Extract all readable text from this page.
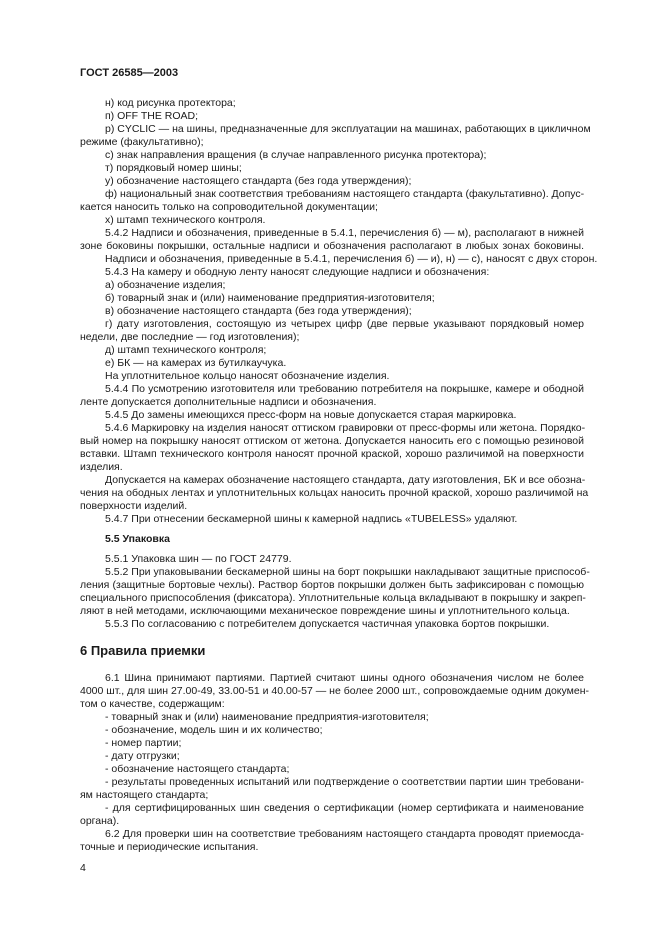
ГОСТ 26585—2003
н) код рисунка протектора;
п) OFF THE ROAD;
р) CYCLIC — на шины, предназначенные для эксплуатации на машинах, работающих в цикличном
режиме (факультативно);
с) знак направления вращения (в случае направленного рисунка протектора);
т) порядковый номер шины;
у) обозначение настоящего стандарта (без года утверждения);
ф) национальный знак соответствия требованиям настоящего стандарта (факультативно). Допус-
кается наносить только на сопроводительной документации;
х) штамп технического контроля.
5.4.2 Надписи и обозначения, приведенные в 5.4.1, перечисления б) — м), располагают в нижней
зоне боковины покрышки, остальные надписи и обозначения располагают в любых зонах боковины.
Надписи и обозначения, приведенные в 5.4.1, перечисления б) — и), н) — с), наносят с двух сторон.
5.4.3 На камеру и ободную ленту наносят следующие надписи и обозначения:
а) обозначение изделия;
б) товарный знак и (или) наименование предприятия-изготовителя;
в) обозначение настоящего стандарта (без года утверждения);
г) дату изготовления, состоящую из четырех цифр (две первые указывают порядковый номер
недели, две последние — год изготовления);
д) штамп технического контроля;
е) БК — на камерах из бутилкаучука.
На уплотнительное кольцо наносят обозначение изделия.
5.4.4 По усмотрению изготовителя или требованию потребителя на покрышке, камере и ободной
ленте допускается дополнительные надписи и обозначения.
5.4.5 До замены имеющихся пресс-форм на новые допускается старая маркировка.
5.4.6 Маркировку на изделия наносят оттиском гравировки от пресс-формы или жетона. Порядко-
вый номер на покрышку наносят оттиском от жетона. Допускается наносить его с помощью резиновой
вставки. Штамп технического контроля наносят прочной краской, хорошо различимой на поверхности
изделия.
Допускается на камерах обозначение настоящего стандарта, дату изготовления, БК и все обозна-
чения на ободных лентах и уплотнительных кольцах наносить прочной краской, хорошо различимой на
поверхности изделий.
5.4.7 При отнесении бескамерной шины к камерной надпись «TUBELESS» удаляют.
5.5 Упаковка
5.5.1 Упаковка шин — по ГОСТ 24779.
5.5.2 При упаковывании бескамерной шины на борт покрышки накладывают защитные приспособ-
ления (защитные бортовые чехлы). Раствор бортов покрышки должен быть зафиксирован с помощью
специального приспособления (фиксатора). Уплотнительные кольца вкладывают в покрышку и закреп-
ляют в ней методами, исключающими механическое повреждение шины и уплотнительного кольца.
5.5.3 По согласованию с потребителем допускается частичная упаковка бортов покрышки.
6 Правила приемки
6.1 Шина принимают партиями. Партией считают шины одного обозначения числом не более
4000 шт., для шин 27.00-49, 33.00-51 и 40.00-57 — не более 2000 шт., сопровождаемые одним докумен-
том о качестве, содержащим:
- товарный знак и (или) наименование предприятия-изготовителя;
- обозначение, модель шин и их количество;
- номер партии;
- дату отгрузки;
- обозначение настоящего стандарта;
- результаты проведенных испытаний или подтверждение о соответствии партии шин требовани-
ям настоящего стандарта;
- для сертифицированных шин сведения о сертификации (номер сертификата и наименование
органа).
6.2 Для проверки шин на соответствие требованиям настоящего стандарта проводят приемосда-
точные и периодические испытания.
4
